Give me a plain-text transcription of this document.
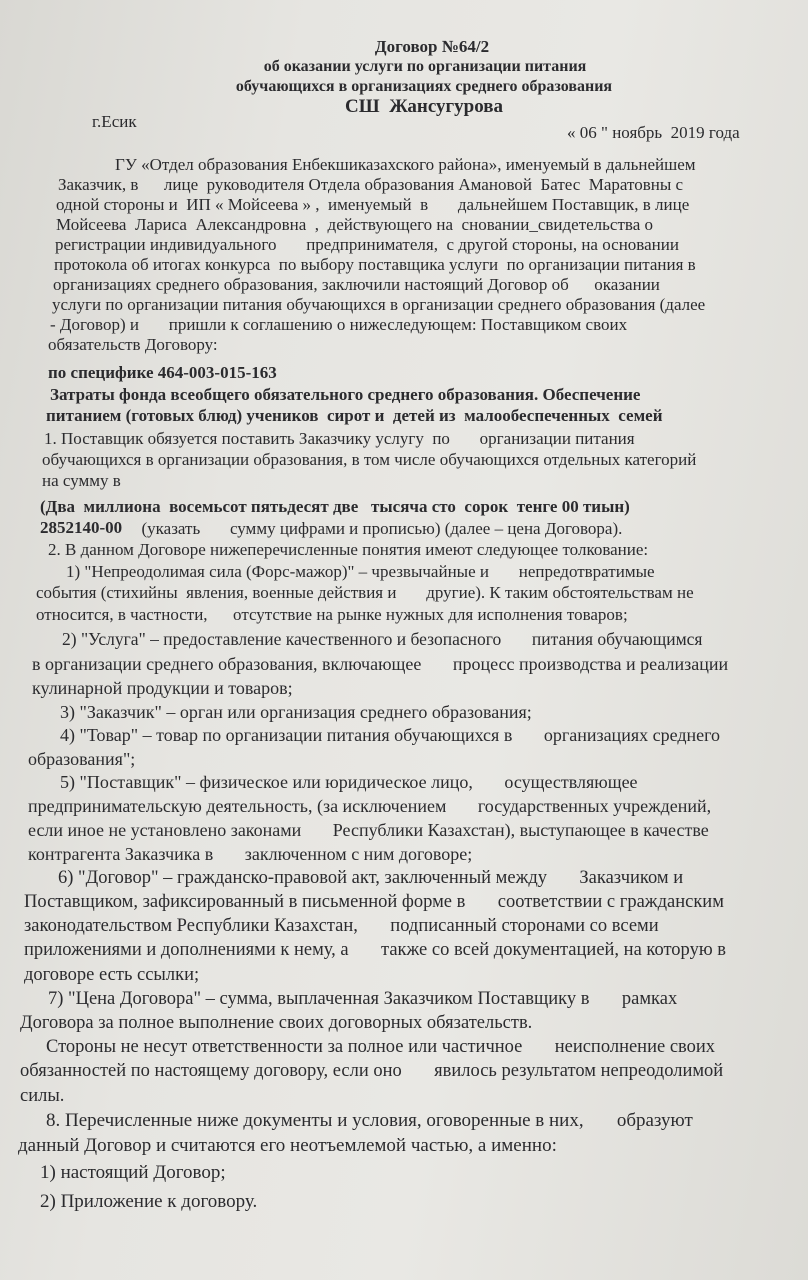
Договор №64/2
об оказании услуги по организации питания
обучающихся в организациях среднего образования
СШ  Жансугурова
г.Есик
« 06 " ноябрь  2019 года
ГУ «Отдел образования Енбекшиказахского района», именуемый в дальнейшем
Заказчик, в      лице  руководителя Отдела образования Амановой  Батес  Маратовны с
одной стороны и  ИП « Мойсеева » ,  именуемый  в       дальнейшем Поставщик, в лице
Мойсеева  Лариса  Александровна  ,  действующего на  сновании_свидетельства о
регистрации индивидуального       предпринимателя,  с другой стороны, на основании
протокола об итогах конкурса  по выбору поставщика услуги  по организации питания в
организациях среднего образования, заключили настоящий Договор об      оказании
услуги по организации питания обучающихся в организации среднего образования (далее
- Договор) и       пришли к соглашению о нижеследующем: Поставщиком своих
обязательств Договору:
по специфике 464-003-015-163
Затраты фонда всеобщего обязательного среднего образования. Обеспечение
питанием (готовых блюд) учеников  сирот и  детей из  малообеспеченных  семей
1. Поставщик обязуется поставить Заказчику услугу  по       организации питания
обучающихся в организации образования, в том числе обучающихся отдельных категорий
на сумму в
(Два  миллиона  восемьсот пятьдесят две   тысяча сто  сорок  тенге 00 тиын)
2852140-00 (указать       сумму цифрами и прописью) (далее – цена Договора).
2. В данном Договоре нижеперечисленные понятия имеют следующее толкование:
1) "Непреодолимая сила (Форс-мажор)" – чрезвычайные и       непредотвратимые
события (стихийны  явления, военные действия и       другие). К таким обстоятельствам не
относится, в частности,      отсутствие на рынке нужных для исполнения товаров;
2) "Услуга" – предоставление качественного и безопасного       питания обучающимся
в организации среднего образования, включающее       процесс производства и реализации
кулинарной продукции и товаров;
3) "Заказчик" – орган или организация среднего образования;
4) "Товар" – товар по организации питания обучающихся в       организациях среднего
образования";
5) "Поставщик" – физическое или юридическое лицо,       осуществляющее
предпринимательскую деятельность, (за исключением       государственных учреждений,
если иное не установлено законами       Республики Казахстан), выступающее в качестве
контрагента Заказчика в       заключенном с ним договоре;
6) "Договор" – гражданско-правовой акт, заключенный между       Заказчиком и
Поставщиком, зафиксированный в письменной форме в       соответствии с гражданским
законодательством Республики Казахстан,       подписанный сторонами со всеми
приложениями и дополнениями к нему, а       также со всей документацией, на которую в
договоре есть ссылки;
7) "Цена Договора" – сумма, выплаченная Заказчиком Поставщику в       рамках
Договора за полное выполнение своих договорных обязательств.
Стороны не несут ответственности за полное или частичное       неисполнение своих
обязанностей по настоящему договору, если оно       явилось результатом непреодолимой
силы.
8. Перечисленные ниже документы и условия, оговоренные в них,       образуют
данный Договор и считаются его неотъемлемой частью, а именно:
1) настоящий Договор;
2) Приложение к договору.
